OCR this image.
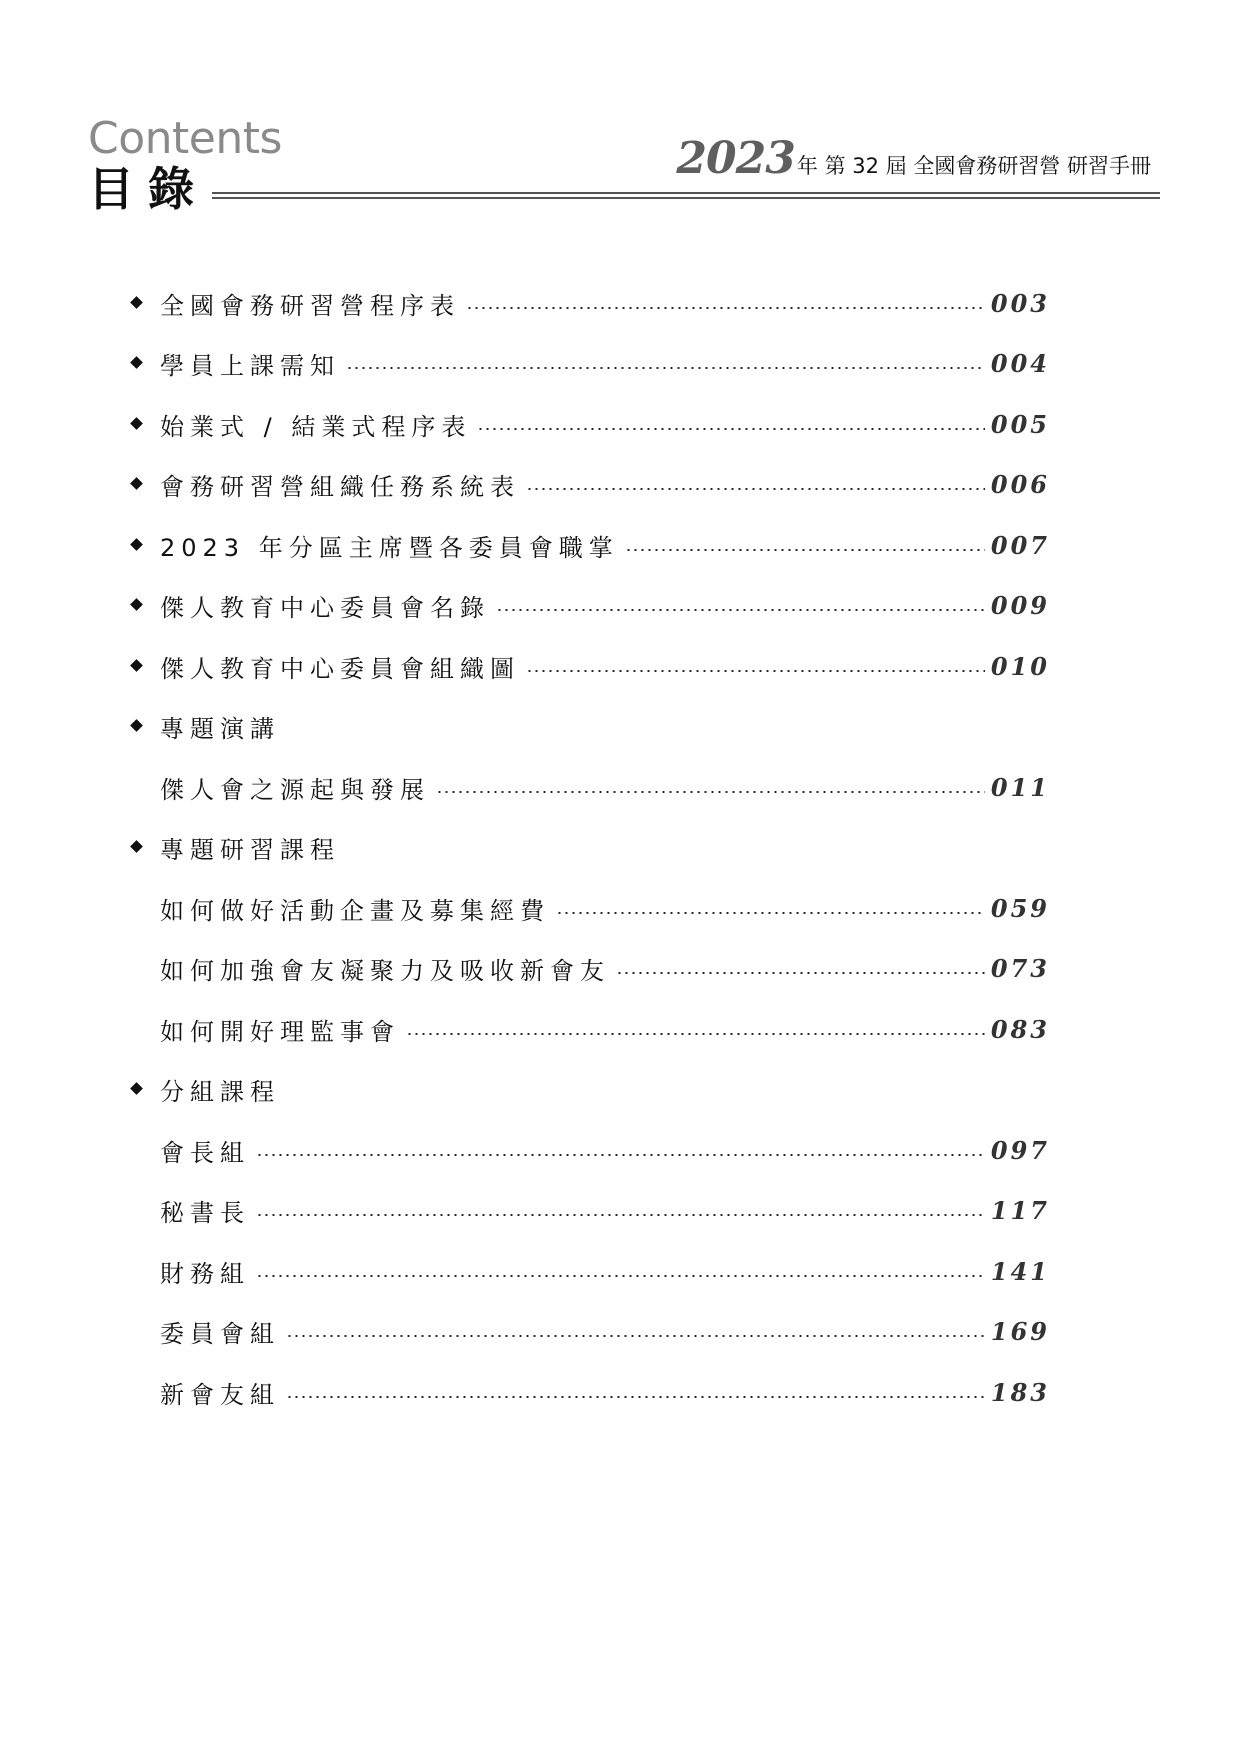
Contents
目錄
2023 年 第 32 屆 全國會務研習營 研習手冊
全國會務研習營程序表	003
學員上課需知	004
始業式 / 結業式程序表	005
會務研習營組織任務系統表	006
2023 年分區主席暨各委員會職掌	007
傑人教育中心委員會名錄	009
傑人教育中心委員會組織圖	010
專題演講
傑人會之源起與發展	011
專題研習課程
如何做好活動企畫及募集經費	059
如何加強會友凝聚力及吸收新會友	073
如何開好理監事會	083
分組課程
會長組	097
秘書長	117
財務組	141
委員會組	169
新會友組	183
